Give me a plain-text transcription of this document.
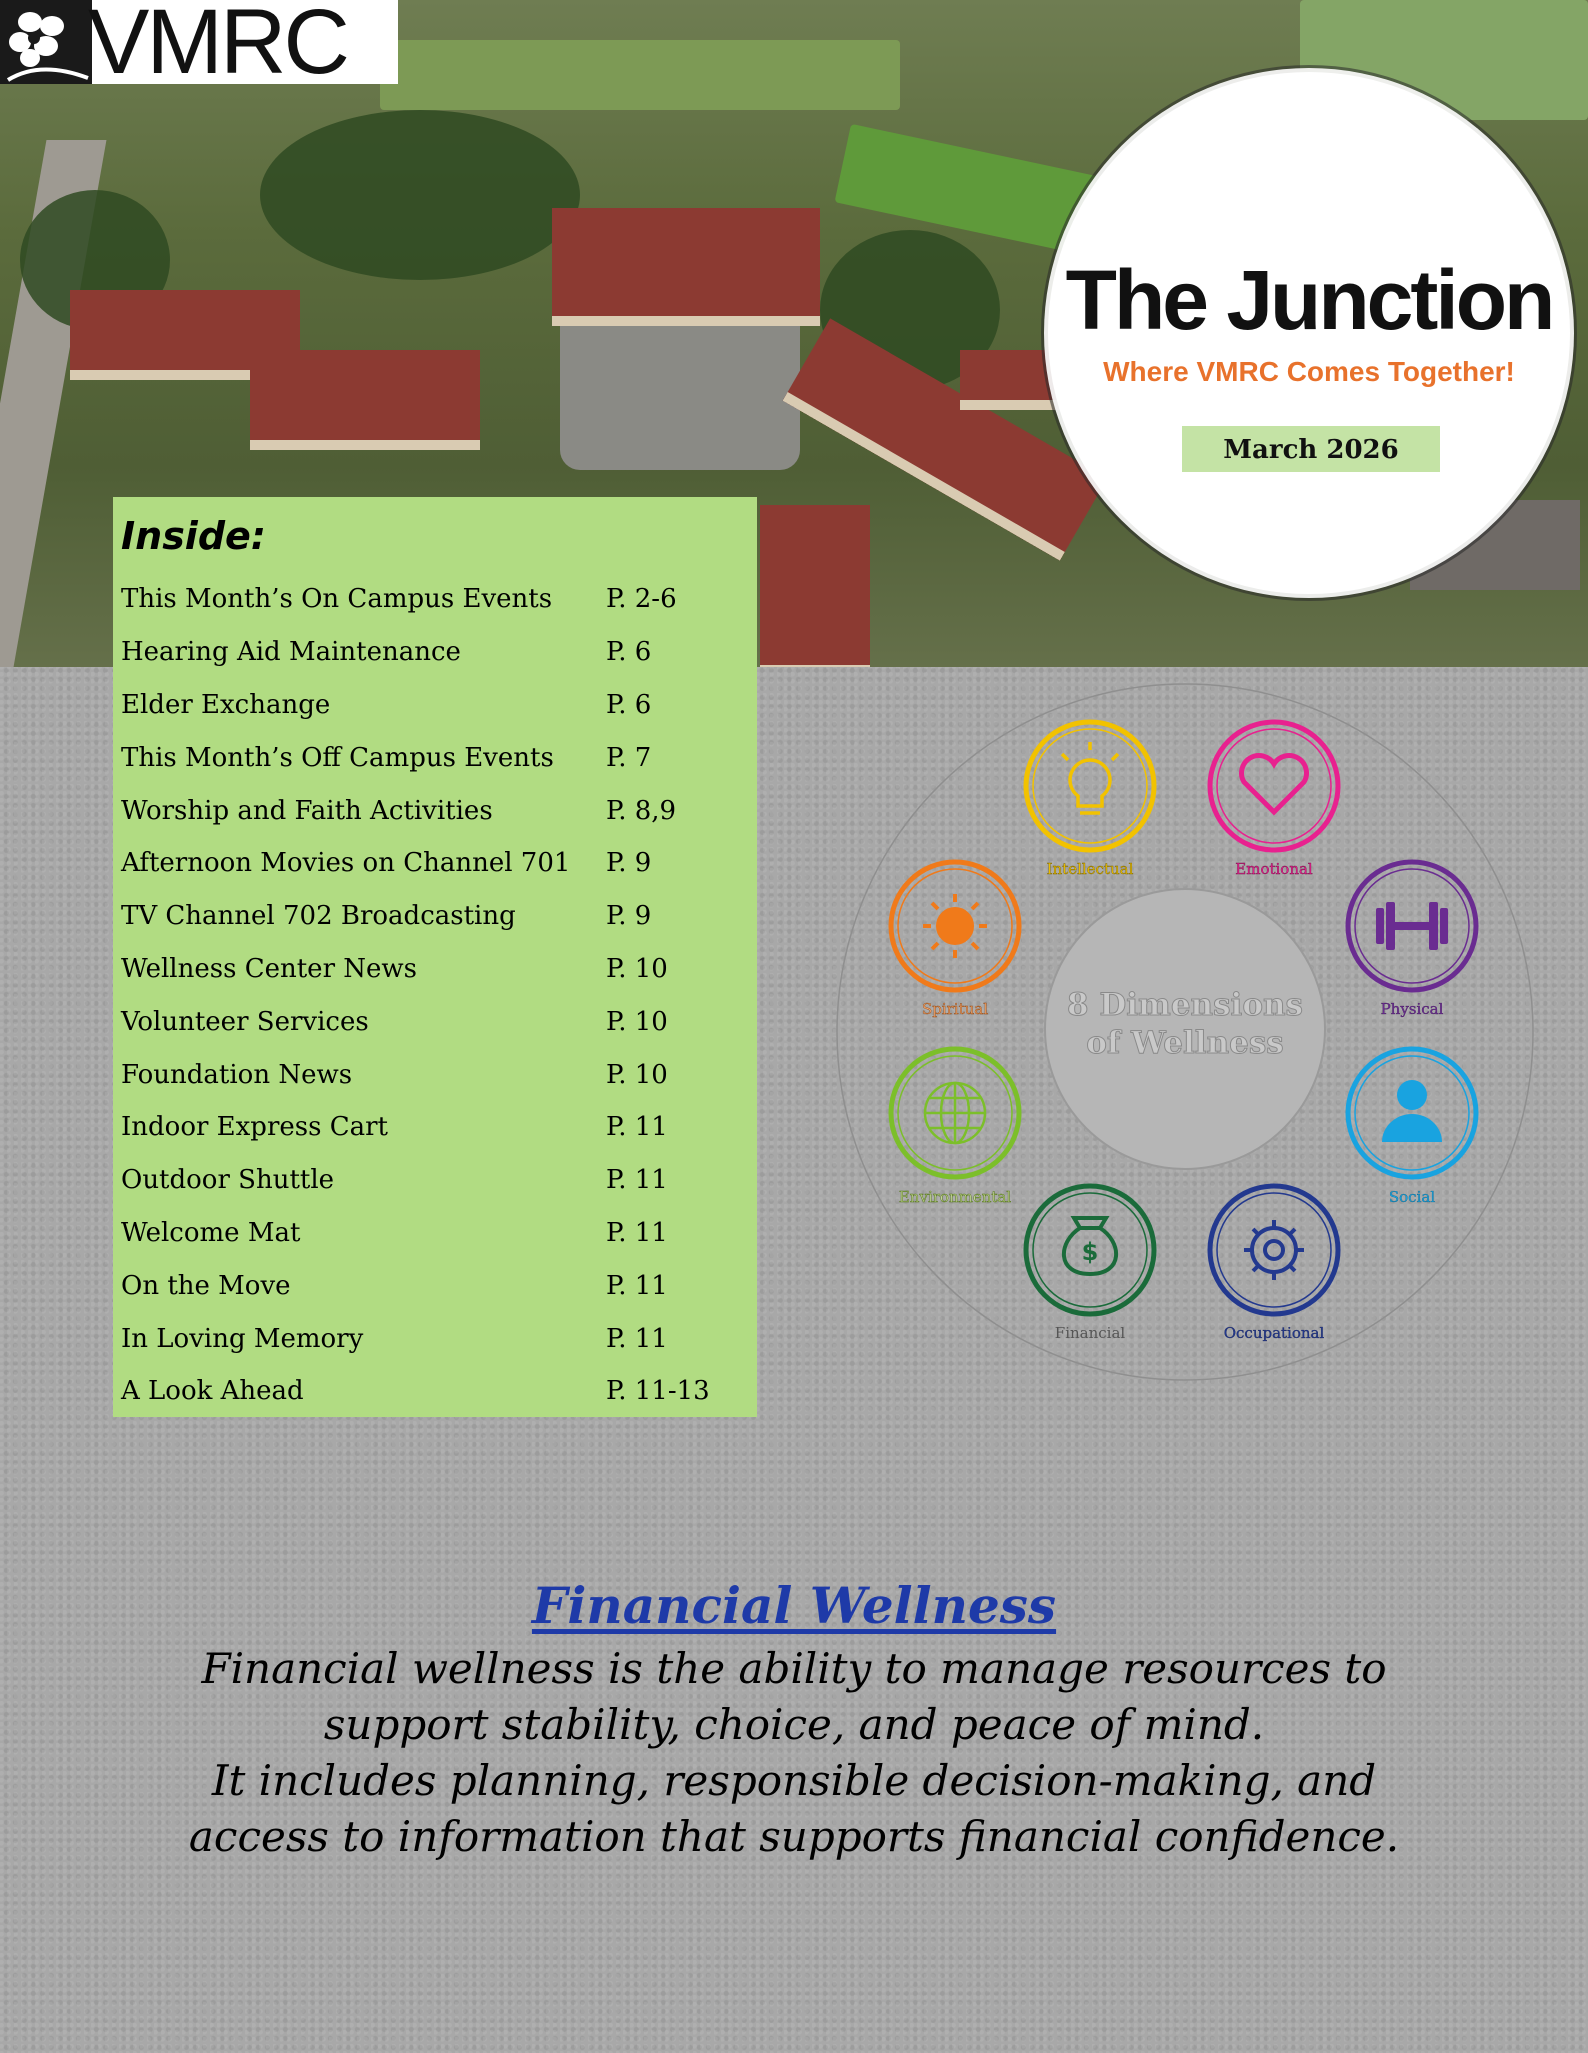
VMRC
The Junction
Where VMRC Comes Together!
March 2026
Inside:
This Month’s On Campus Events	P. 2-6
Hearing Aid Maintenance	P. 6
Elder Exchange	P. 6
This Month’s Off Campus Events	P. 7
Worship and Faith Activities	P. 8,9
Afternoon Movies on Channel 701	P. 9
TV Channel 702 Broadcasting	P. 9
Wellness Center News	P. 10
Volunteer Services	P. 10
Foundation News	P. 10
Indoor Express Cart	P. 11
Outdoor Shuttle	P. 11
Welcome Mat	P. 11
On the Move	P. 11
In Loving Memory	P. 11
A Look Ahead	P. 11-13
8 Dimensions of Wellness
Intellectual	Emotional
Physical
Social
Occupational
$
Financial
Environmental
Spiritual
Financial Wellness
Financial wellness is the ability to manage resources to support stability, choice, and peace of mind.
It includes planning, responsible decision-making, and access to information that supports financial confidence.
